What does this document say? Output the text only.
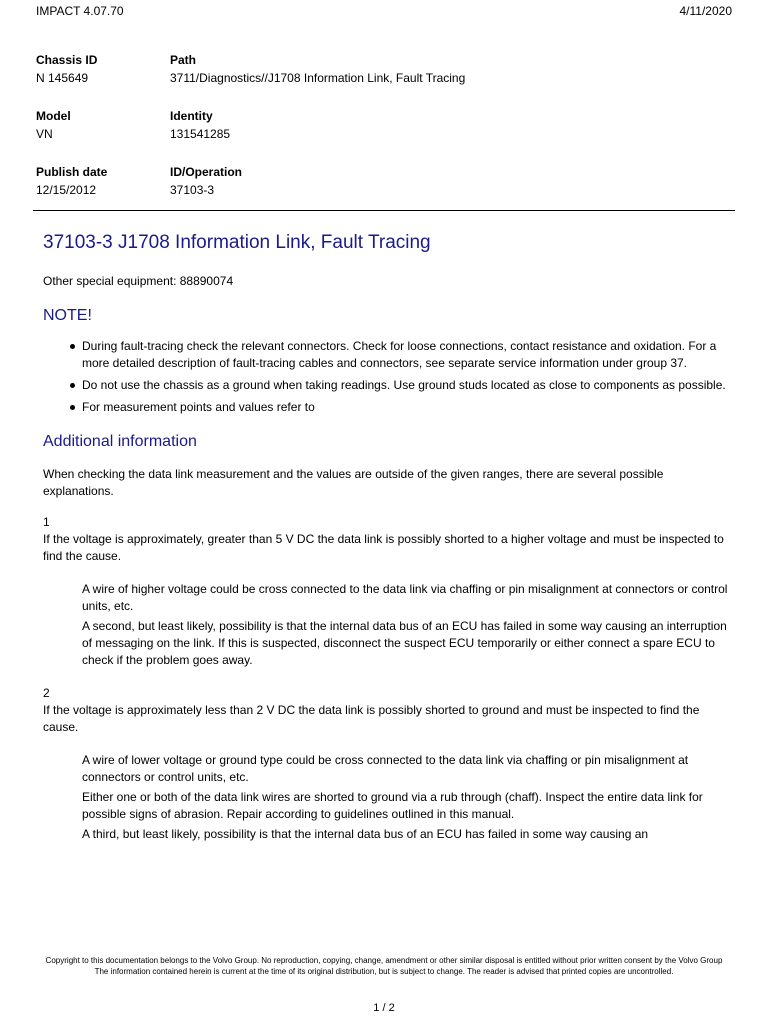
IMPACT 4.07.70	4/11/2020
Chassis ID
N 145649
Path
3711/Diagnostics//J1708 Information Link, Fault Tracing
Model
VN
Identity
131541285
Publish date
12/15/2012
ID/Operation
37103-3
37103-3 J1708 Information Link, Fault Tracing

Other special equipment: 88890074

NOTE!
During fault-tracing check the relevant connectors. Check for loose connections, contact resistance and oxidation. For a more detailed description of fault-tracing cables and connectors, see separate service information under group 37.
Do not use the chassis as a ground when taking readings. Use ground studs located as close to components as possible.
For measurement points and values refer to
Additional information

When checking the data link measurement and the values are outside of the given ranges, there are several possible explanations.

1
If the voltage is approximately, greater than 5 V DC the data link is possibly shorted to a higher voltage and must be inspected to find the cause.
A wire of higher voltage could be cross connected to the data link via chaffing or pin misalignment at connectors or control units, etc.
A second, but least likely, possibility is that the internal data bus of an ECU has failed in some way causing an interruption of messaging on the link. If this is suspected, disconnect the suspect ECU temporarily or either connect a spare ECU to check if the problem goes away.
2
If the voltage is approximately less than 2 V DC the data link is possibly shorted to ground and must be inspected to find the cause.
A wire of lower voltage or ground type could be cross connected to the data link via chaffing or pin misalignment at connectors or control units, etc.
Either one or both of the data link wires are shorted to ground via a rub through (chaff). Inspect the entire data link for possible signs of abrasion. Repair according to guidelines outlined in this manual.
A third, but least likely, possibility is that the internal data bus of an ECU has failed in some way causing an
Copyright to this documentation belongs to the Volvo Group. No reproduction, copying, change, amendment or other similar disposal is entitled without prior written consent by the Volvo Group
The information contained herein is current at the time of its original distribution, but is subject to change. The reader is advised that printed copies are uncontrolled.
1 / 2
